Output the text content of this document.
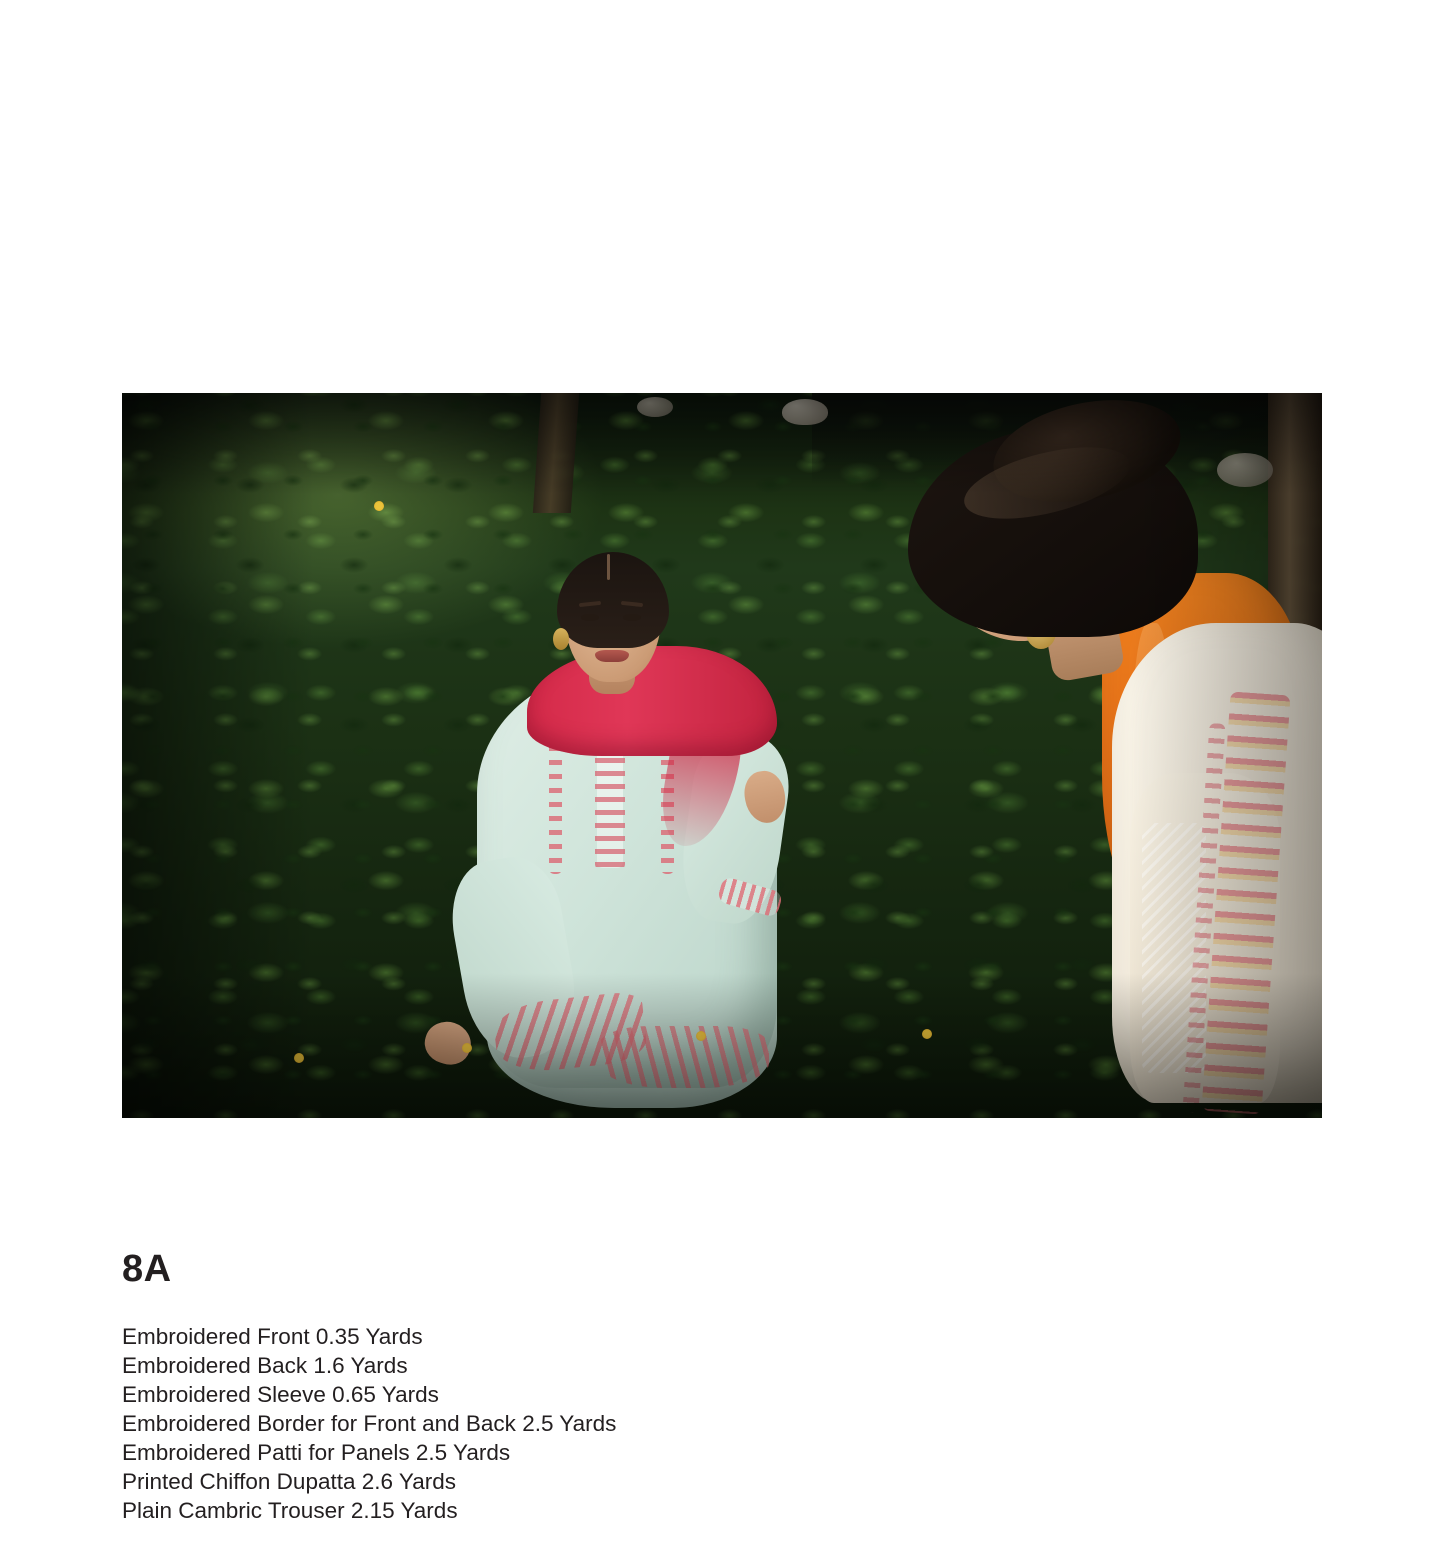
8A
Embroidered Front 0.35 Yards
Embroidered Back 1.6 Yards
Embroidered Sleeve 0.65 Yards
Embroidered Border for Front and Back 2.5 Yards
Embroidered Patti for Panels 2.5 Yards
Printed Chiffon Dupatta 2.6 Yards
Plain Cambric Trouser 2.15 Yards
